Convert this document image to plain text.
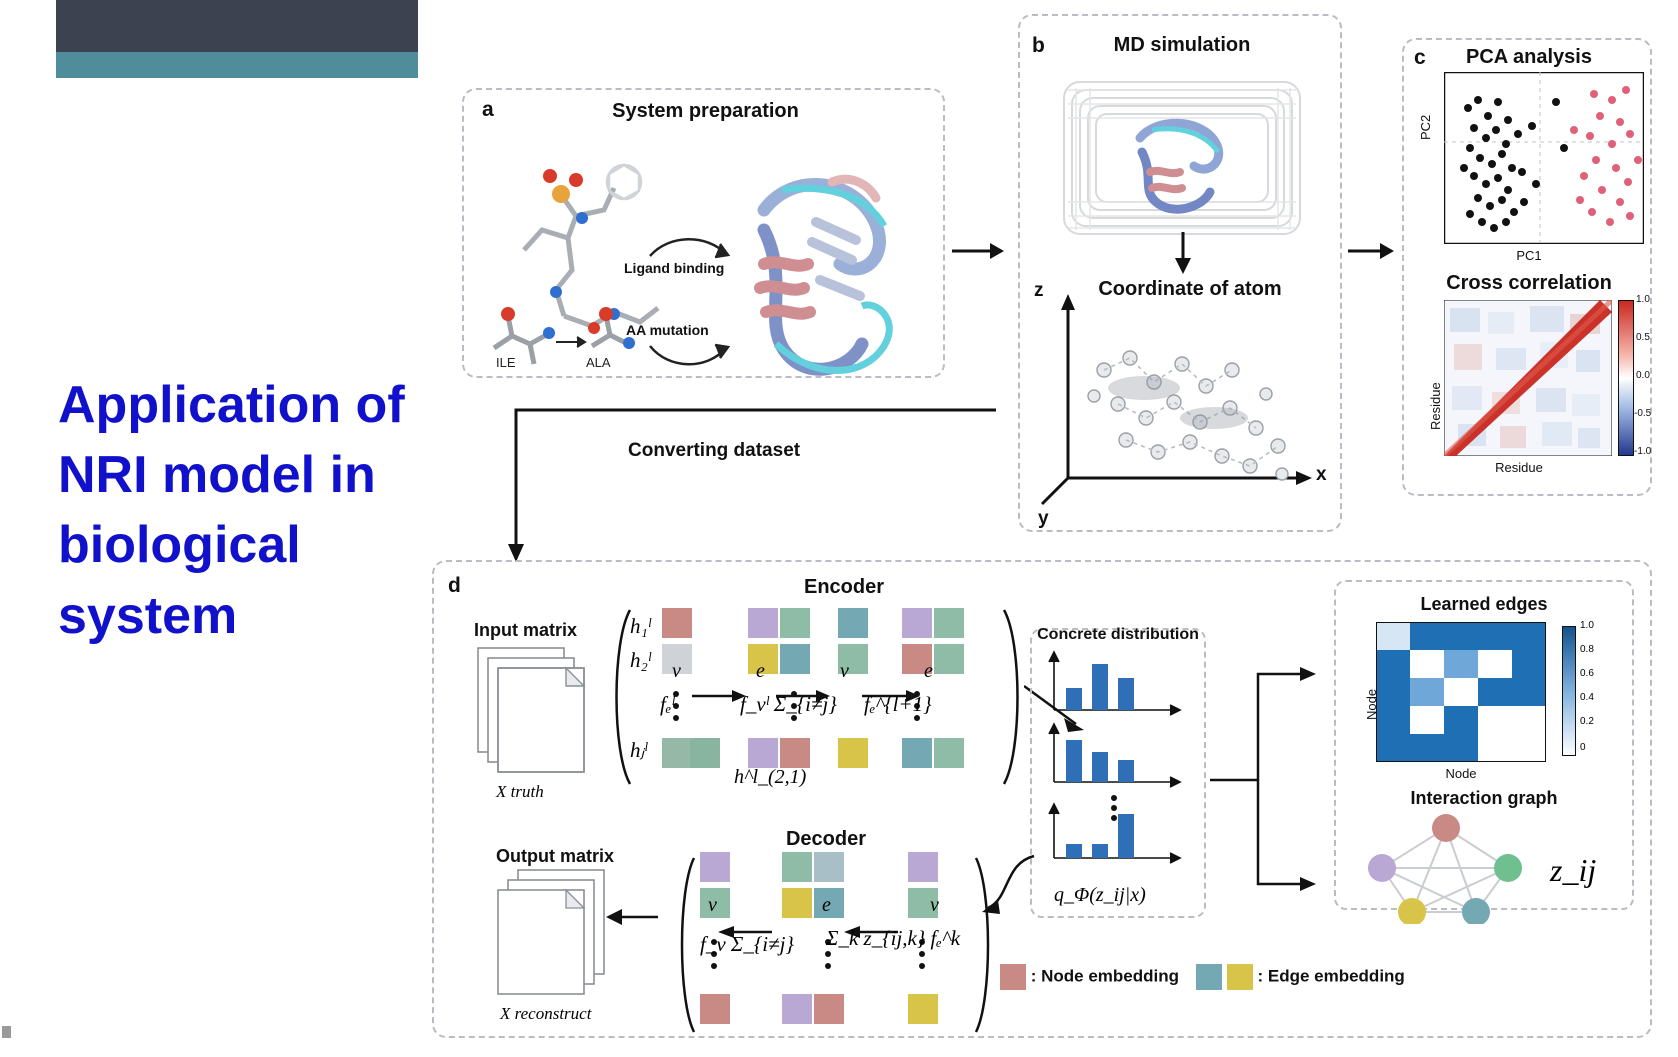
Application of NRI model in biological system
a	System preparation
Ligand binding
AA mutation
ILE	ALA
b	MD simulation
Coordinate of atom
z
x
y
c	PCA analysis
PC2
PC1
Cross correlation
1.0
0.5
0.0
-0.5
-1.0
Residue
Residue
Converting dataset
d	Encoder
Decoder
Input matrix
X truth
h₁ˡ
h₂ˡ
hⱼˡ
v	e	v	e
fₑˡ	f_vˡ Σ_{i≠j} fₑ^{l+1}
h^l_(2,1)
Output matrix
X reconstruct
v	e	v
f_v Σ_{i≠j} Σ_k z_{ij,k} fₑ^k
Concrete distribution
q_Φ(z_ij|x)
Learned edges
1.0
0.8
0.6
0.4
0.2
0
Node
Node
Interaction graph
z_ij
: Node embedding	: Edge embedding
